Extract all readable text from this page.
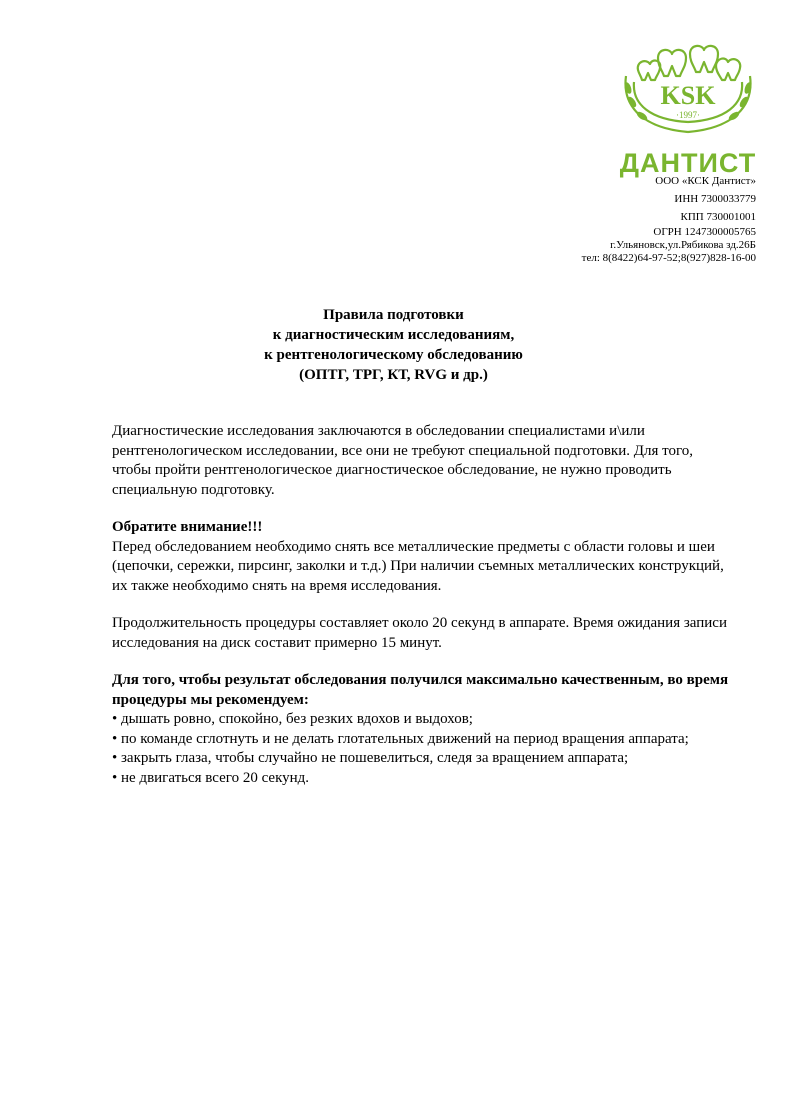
KSK
·1997·
ДАНТИСТ
ООО «КСК Дантист»
ИНН 7300033779
КПП 730001001
ОГРН 1247300005765
г.Ульяновск,ул.Рябикова зд.26Б
тел: 8(8422)64-97-52;8(927)828-16-00
Правила подготовки
к диагностическим исследованиям,
к рентгенологическому обследованию
(ОПТГ, ТРГ, КТ, RVG и др.)

Диагностические исследования заключаются в обследовании специалистами и\или рентгенологическом исследовании, все они не требуют специальной подготовки. Для того, чтобы пройти рентгенологическое диагностическое обследование, не нужно проводить специальную подготовку.

Обратите внимание!!!

Перед обследованием необходимо снять все металлические предметы с области головы и шеи (цепочки, сережки, пирсинг, заколки и т.д.) При наличии съемных металлических конструкций, их также необходимо снять на время исследования.

Продолжительность процедуры составляет около 20 секунд в аппарате. Время ожидания записи исследования на диск составит примерно 15 минут.

Для того, чтобы результат обследования получился максимально качественным, во время процедуры мы рекомендуем:

• дышать ровно, спокойно, без резких вдохов и выдохов;
• по команде сглотнуть и не делать глотательных движений на период вращения аппарата;
• закрыть глаза, чтобы случайно не пошевелиться, следя за вращением аппарата;
• не двигаться всего 20 секунд.
